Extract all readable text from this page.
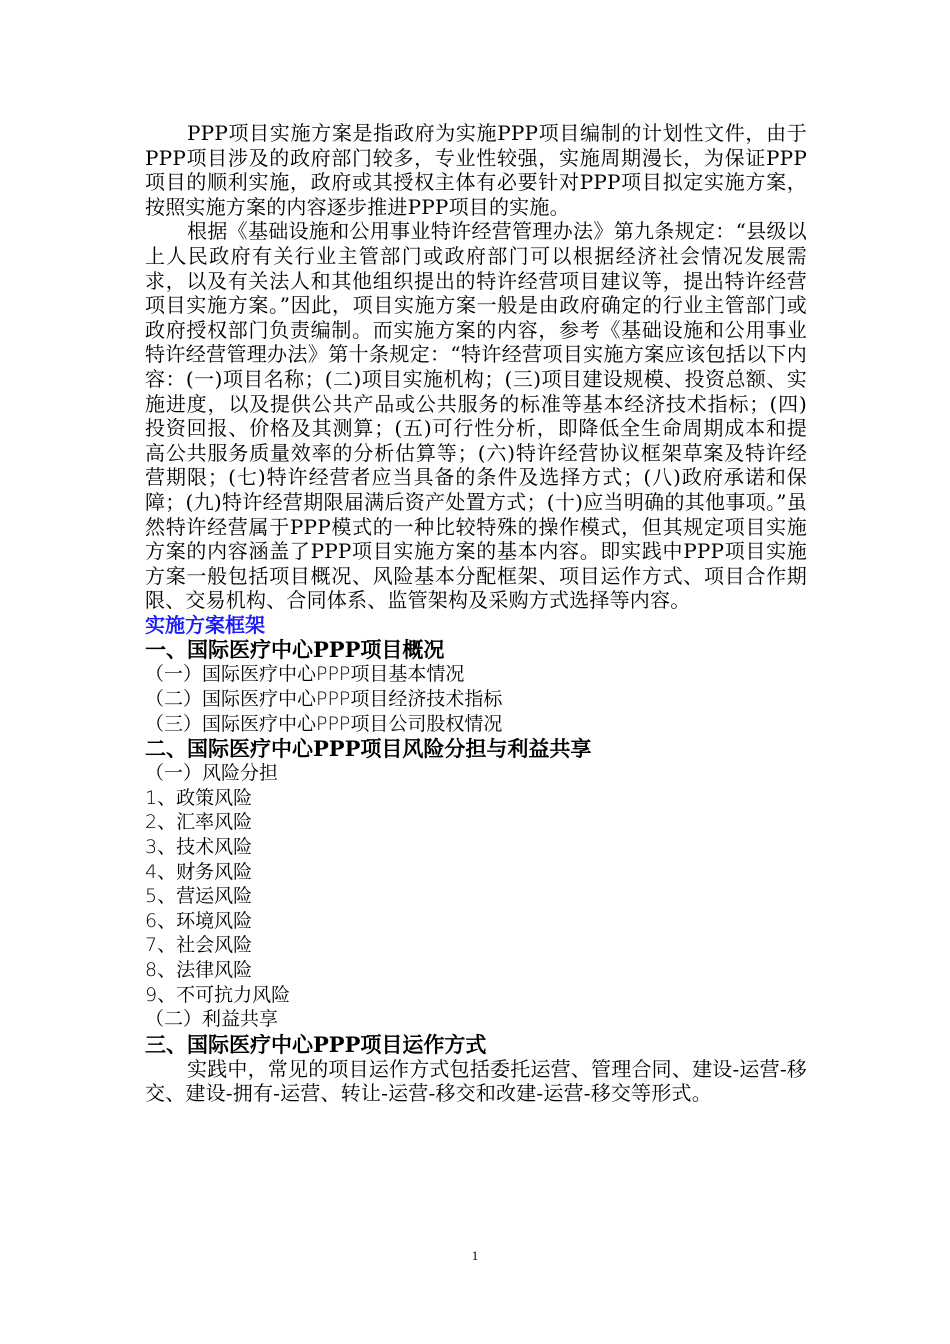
PPP项目实施方案是指政府为实施PPP项目编制的计划性文件，由于PPP项目涉及的政府部门较多，专业性较强，实施周期漫长，为保证PPP项目的顺利实施，政府或其授权主体有必要针对PPP项目拟定实施方案，按照实施方案的内容逐步推进PPP项目的实施。

根据《基础设施和公用事业特许经营管理办法》第九条规定：“县级以上人民政府有关行业主管部门或政府部门可以根据经济社会情况发展需求，以及有关法人和其他组织提出的特许经营项目建议等，提出特许经营项目实施方案。”因此，项目实施方案一般是由政府确定的行业主管部门或政府授权部门负责编制。而实施方案的内容，参考《基础设施和公用事业特许经营管理办法》第十条规定：“特许经营项目实施方案应该包括以下内容：(一)项目名称；(二)项目实施机构；(三)项目建设规模、投资总额、实施进度，以及提供公共产品或公共服务的标准等基本经济技术指标；(四)投资回报、价格及其测算；(五)可行性分析，即降低全生命周期成本和提高公共服务质量效率的分析估算等；(六)特许经营协议框架草案及特许经营期限；(七)特许经营者应当具备的条件及选择方式；(八)政府承诺和保障；(九)特许经营期限届满后资产处置方式；(十)应当明确的其他事项。”虽然特许经营属于PPP模式的一种比较特殊的操作模式，但其规定项目实施方案的内容涵盖了PPP项目实施方案的基本内容。即实践中PPP项目实施方案一般包括项目概况、风险基本分配框架、项目运作方式、项目合作期限、交易机构、合同体系、监管架构及采购方式选择等内容。

实施方案框架

一、国际医疗中心PPP项目概况

（一）国际医疗中心PPP项目基本情况

（二）国际医疗中心PPP项目经济技术指标

（三）国际医疗中心PPP项目公司股权情况

二、国际医疗中心PPP项目风险分担与利益共享

（一）风险分担

1、政策风险

2、汇率风险

3、技术风险

4、财务风险

5、营运风险

6、环境风险

7、社会风险

8、法律风险

9、不可抗力风险

（二）利益共享

三、国际医疗中心PPP项目运作方式

实践中，常见的项目运作方式包括委托运营、管理合同、建设-运营-移交、建设-拥有-运营、转让-运营-移交和改建-运营-移交等形式。

1
